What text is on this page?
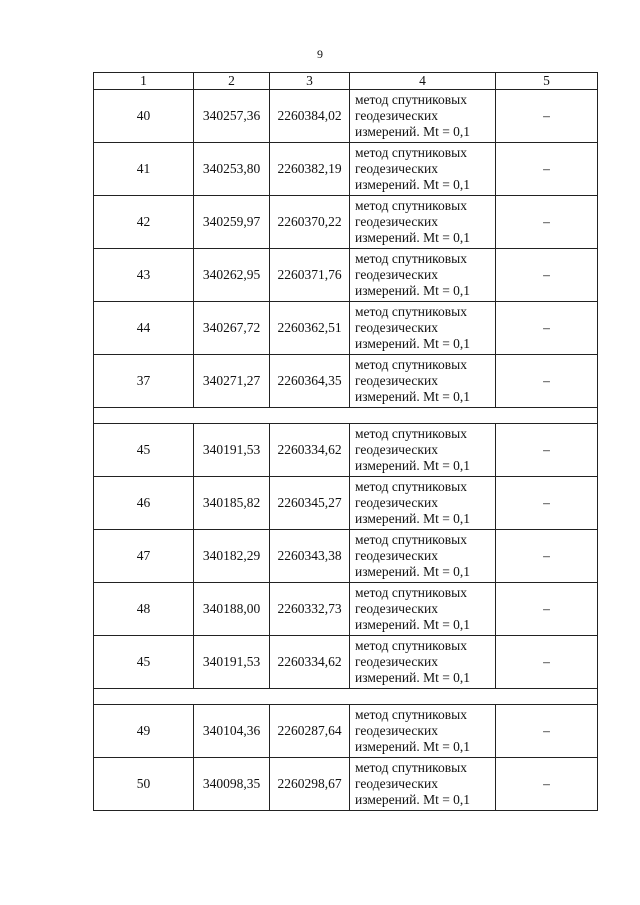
9
1	2	3	4	5
40	340257,36	2260384,02	метод спутниковых
геодезических
измерений. Mt = 0,1	–
41	340253,80	2260382,19	метод спутниковых
геодезических
измерений. Mt = 0,1	–
42	340259,97	2260370,22	метод спутниковых
геодезических
измерений. Mt = 0,1	–
43	340262,95	2260371,76	метод спутниковых
геодезических
измерений. Mt = 0,1	–
44	340267,72	2260362,51	метод спутниковых
геодезических
измерений. Mt = 0,1	–
37	340271,27	2260364,35	метод спутниковых
геодезических
измерений. Mt = 0,1	–

45	340191,53	2260334,62	метод спутниковых
геодезических
измерений. Mt = 0,1	–
46	340185,82	2260345,27	метод спутниковых
геодезических
измерений. Mt = 0,1	–
47	340182,29	2260343,38	метод спутниковых
геодезических
измерений. Mt = 0,1	–
48	340188,00	2260332,73	метод спутниковых
геодезических
измерений. Mt = 0,1	–
45	340191,53	2260334,62	метод спутниковых
геодезических
измерений. Mt = 0,1	–

49	340104,36	2260287,64	метод спутниковых
геодезических
измерений. Mt = 0,1	–
50	340098,35	2260298,67	метод спутниковых
геодезических
измерений. Mt = 0,1	–
